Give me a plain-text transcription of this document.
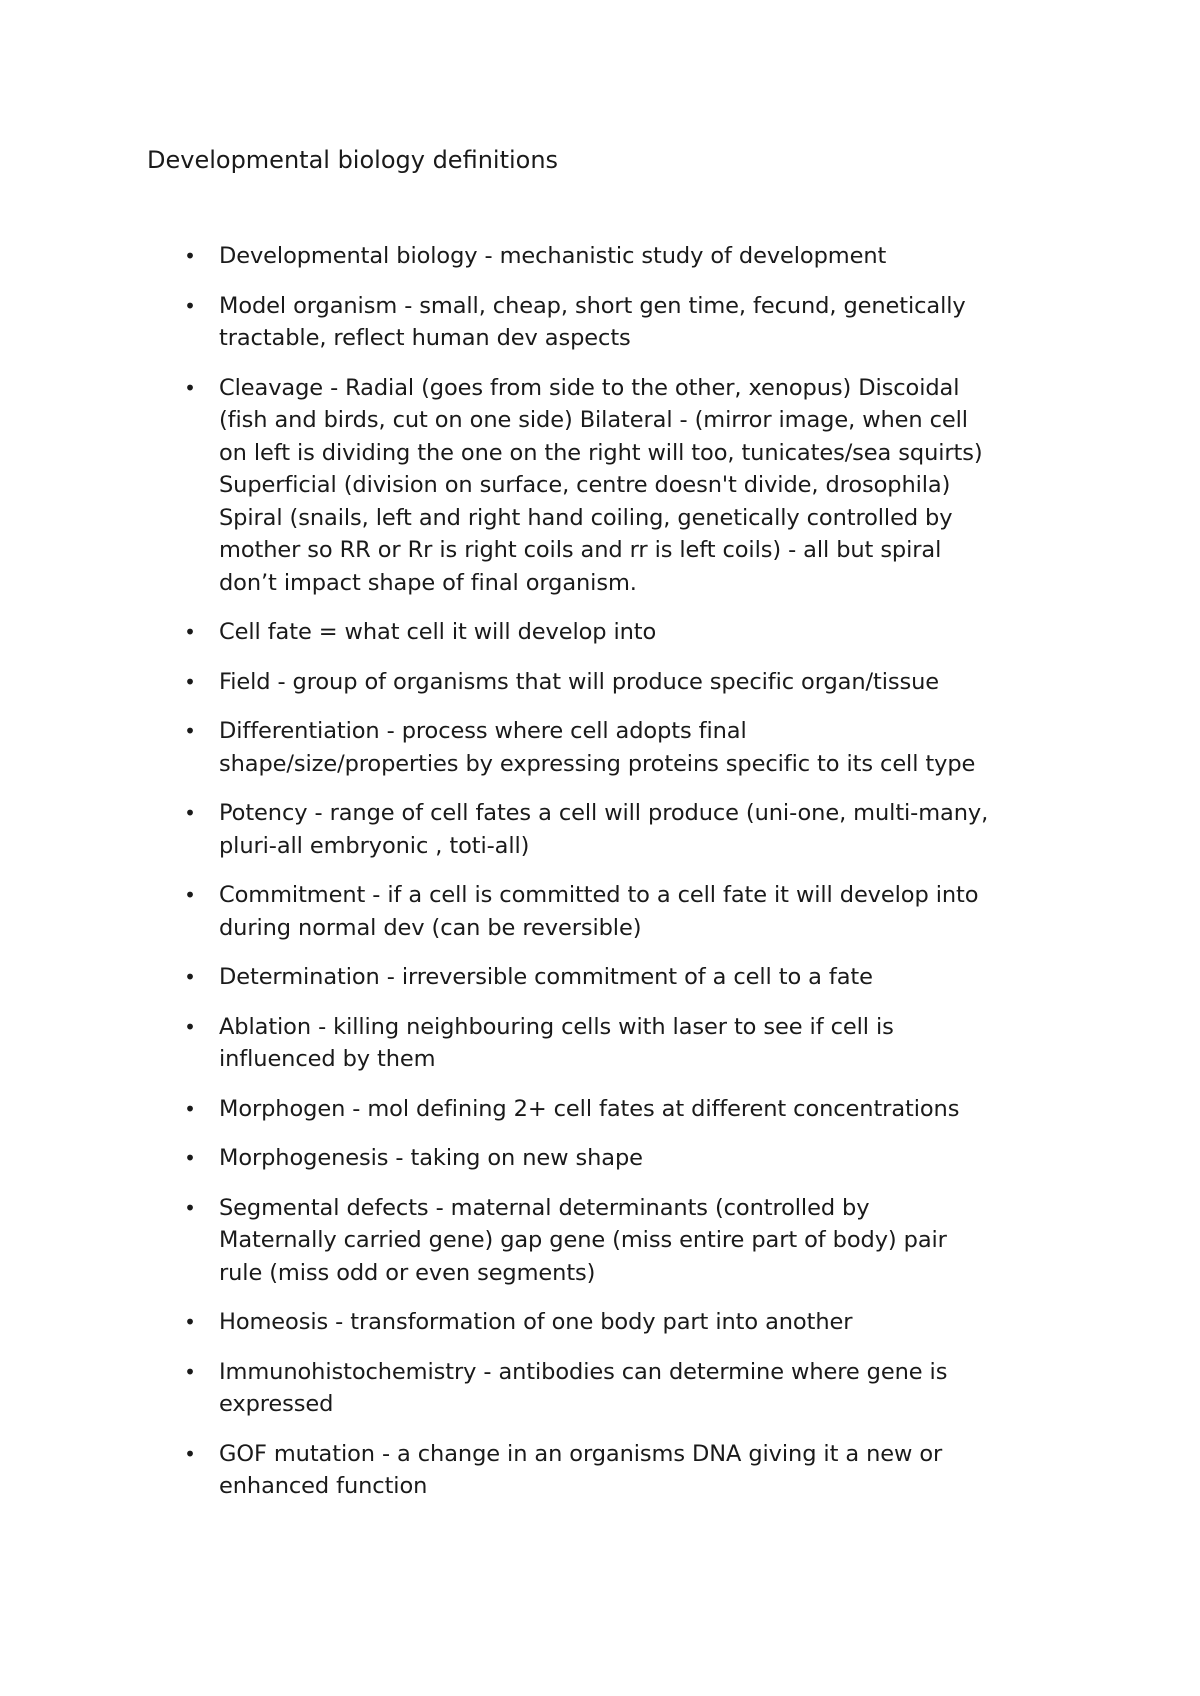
Developmental biology definitions
• Developmental biology - mechanistic study of development
• Model organism - small, cheap, short gen time, fecund, genetically
tractable, reflect human dev aspects
• Cleavage - Radial (goes from side to the other, xenopus) Discoidal
(fish and birds, cut on one side) Bilateral - (mirror image, when cell
on left is dividing the one on the right will too, tunicates/sea squirts)
Superficial (division on surface, centre doesn't divide, drosophila)
Spiral (snails, left and right hand coiling, genetically controlled by
mother so RR or Rr is right coils and rr is left coils) - all but spiral
don’t impact shape of final organism.
• Cell fate = what cell it will develop into
• Field - group of organisms that will produce specific organ/tissue
• Differentiation - process where cell adopts final
shape/size/properties by expressing proteins specific to its cell type
• Potency - range of cell fates a cell will produce (uni-one, multi-many,
pluri-all embryonic , toti-all)
• Commitment - if a cell is committed to a cell fate it will develop into
during normal dev (can be reversible)
• Determination - irreversible commitment of a cell to a fate
• Ablation - killing neighbouring cells with laser to see if cell is
influenced by them
• Morphogen - mol defining 2+ cell fates at different concentrations
• Morphogenesis - taking on new shape
• Segmental defects - maternal determinants (controlled by
Maternally carried gene) gap gene (miss entire part of body) pair
rule (miss odd or even segments)
• Homeosis - transformation of one body part into another
• Immunohistochemistry - antibodies can determine where gene is
expressed
• GOF mutation - a change in an organisms DNA giving it a new or
enhanced function
